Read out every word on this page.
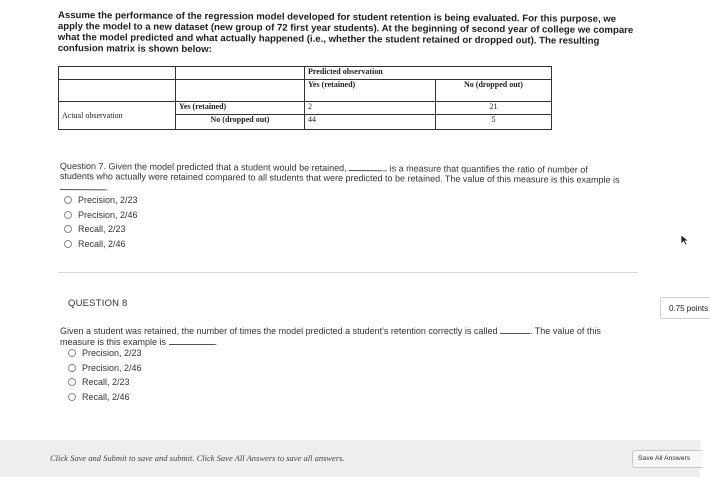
Assume the performance of the regression model developed for student retention is being evaluated. For this purpose, we apply the model to a new dataset (new group of 72 first year students). At the beginning of second year of college we compare what the model predicted and what actually happened (i.e., whether the student retained or dropped out). The resulting confusion matrix is shown below:
		Predicted observation	
		Yes (retained)	No (dropped out)
Actual observation	Yes (retained)	2	21
	No (dropped out)	44	5
Question 7. Given the model predicted that a student would be retained,	is a measure that quantifies the ratio of number of students who actually were retained compared to all students that were predicted to be retained. The value of this measure is this example is .
Precision, 2/23
Precision, 2/46
Recall, 2/23
Recall, 2/46
QUESTION 8	0.75 points
Given a student was retained, the number of times the model predicted a student's retention correctly is called	. The value of this measure is this example is	.
Precision, 2/23
Precision, 2/46
Recall, 2/23
Recall, 2/46
Click Save and Submit to save and submit. Click Save All Answers to save all answers.	Save All Answers
